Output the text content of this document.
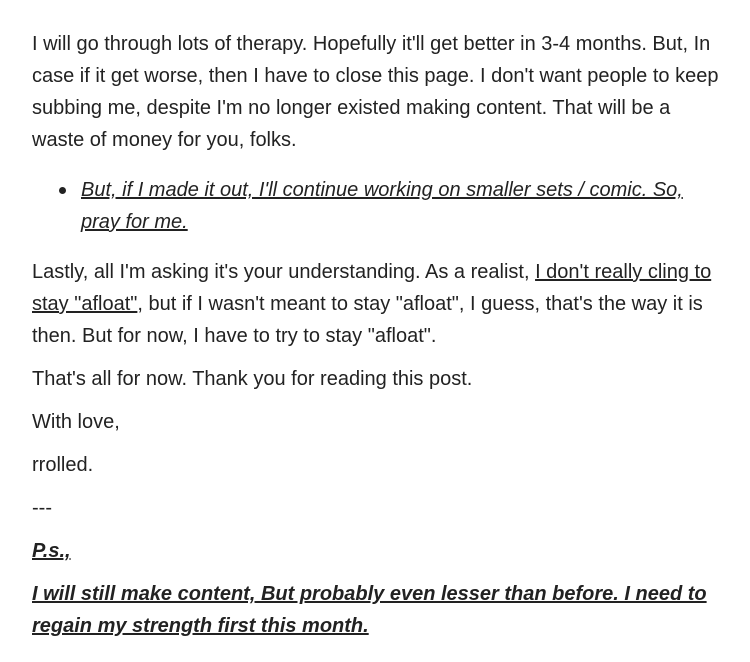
I will go through lots of therapy. Hopefully it'll get better in 3-4 months. But, In case if it get worse, then I have to close this page. I don't want people to keep subbing me, despite I'm no longer existed making content. That will be a waste of money for you, folks.

But, if I made it out, I'll continue working on smaller sets / comic. So, pray for me.

Lastly, all I'm asking it's your understanding. As a realist, I don't really cling to stay "afloat", but if I wasn't meant to stay "afloat", I guess, that's the way it is then. But for now, I have to try to stay "afloat".

That's all for now. Thank you for reading this post.

With love,

rrolled.

---

P.s.,

I will still make content, But probably even lesser than before. I need to regain my strength first this month.
